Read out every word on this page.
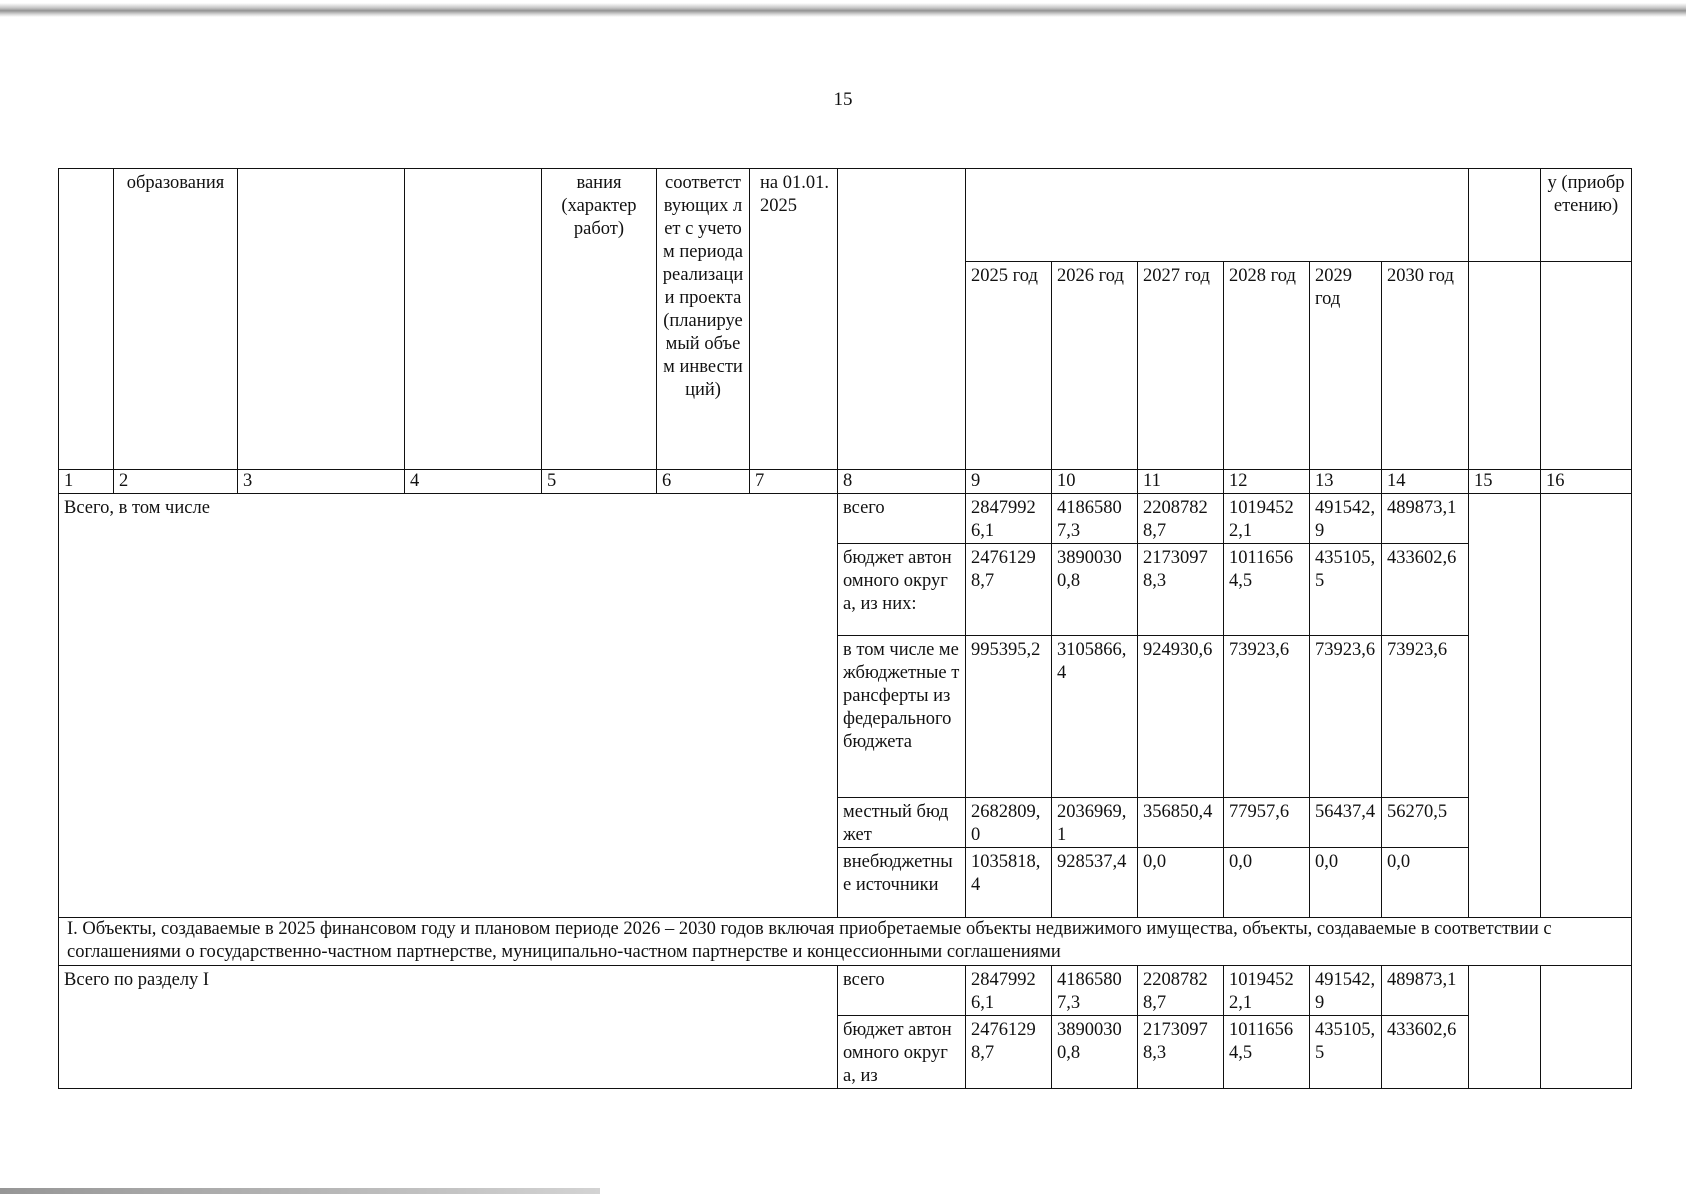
15
	образования			вания (характер работ)	соответствующих лет с учетом периода реализации проекта (планируемый объем инвестиций)	на 01.01. 2025									у (приобретению)
								2025 год	2026 год	2027 год	2028 год	2029 год	2030 год		
1	2	3	4	5	6	7	8	9	10	11	12	13	14	15	16
Всего, в том числе							всего	28479926,1	41865807,3	22087828,7	10194522,1	491542,9	489873,1		
							бюджет автономного округа, из них:	24761298,7	38900300,8	21730978,3	10116564,5	435105,5	433602,6		
							в том числе межбюджетные трансферты из федерального бюджета	995395,2	3105866,4	924930,6	73923,6	73923,6	73923,6		
							местный бюджет	2682809,0	2036969,1	356850,4	77957,6	56437,4	56270,5		
							внебюджетные источники	1035818,4	928537,4	0,0	0,0	0,0	0,0		
I. Объекты, создаваемые в 2025 финансовом году и плановом периоде 2026 – 2030 годов включая приобретаемые объекты недвижимого имущества, объекты, создаваемые в соответствии с соглашениями о государственно-частном партнерстве, муниципально-частном партнерстве и концессионными соглашениями															
Всего по разделу I							всего	28479926,1	41865807,3	22087828,7	10194522,1	491542,9	489873,1		
							бюджет автономного округа, из	24761298,7	38900300,8	21730978,3	10116564,5	435105,5	433602,6		
